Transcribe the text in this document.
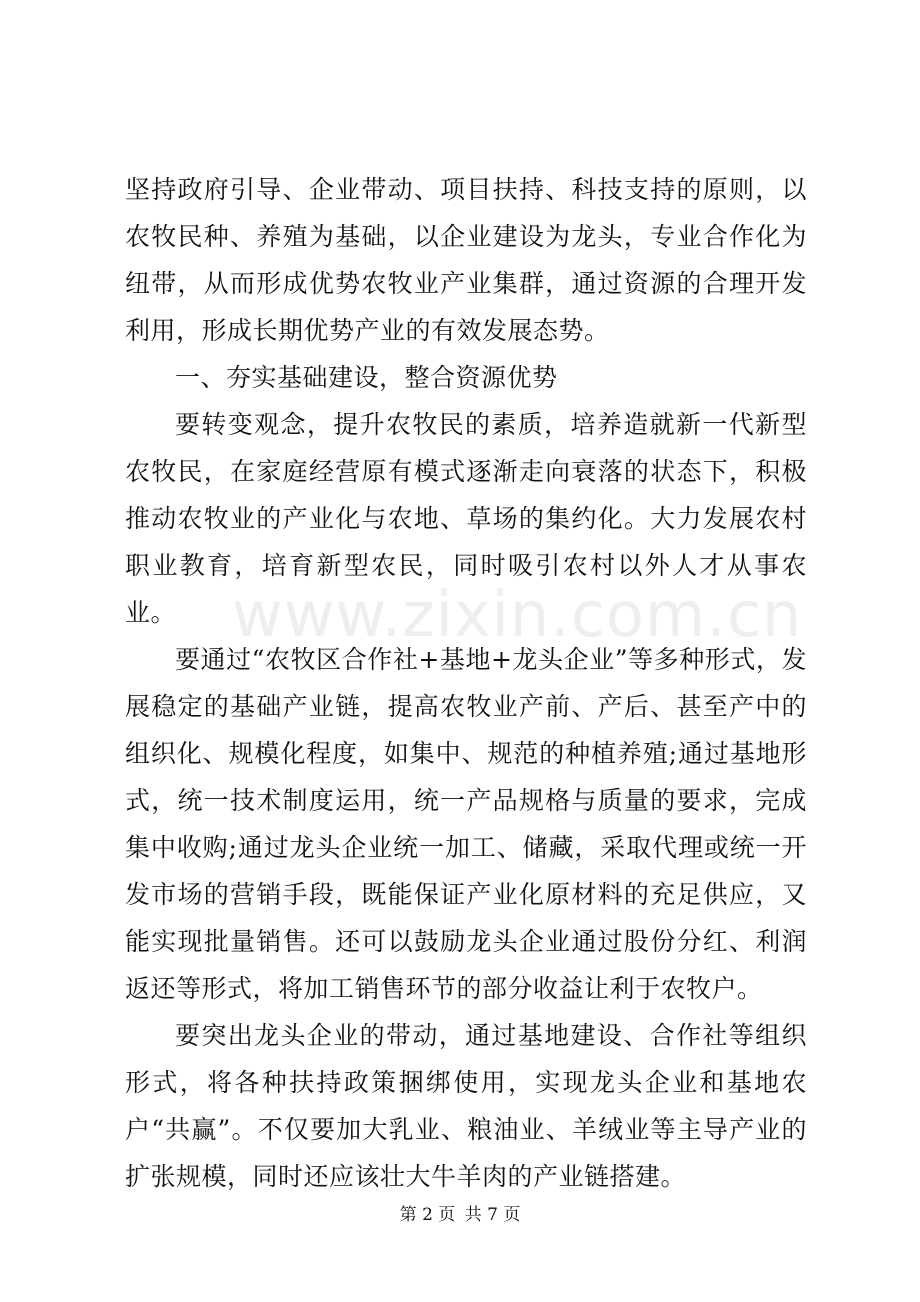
坚持政府引导、企业带动、项目扶持、科技支持的原则，以农牧民种、养殖为基础，以企业建设为龙头，专业合作化为纽带，从而形成优势农牧业产业集群，通过资源的合理开发利用，形成长期优势产业的有效发展态势。

一、夯实基础建设，整合资源优势

要转变观念，提升农牧民的素质，培养造就新一代新型农牧民，在家庭经营原有模式逐渐走向衰落的状态下，积极推动农牧业的产业化与农地、草场的集约化。大力发展农村职业教育，培育新型农民，同时吸引农村以外人才从事农业。

要通过“农牧区合作社+基地+龙头企业”等多种形式，发展稳定的基础产业链，提高农牧业产前、产后、甚至产中的组织化、规模化程度，如集中、规范的种植养殖;通过基地形式，统一技术制度运用，统一产品规格与质量的要求，完成集中收购;通过龙头企业统一加工、储藏，采取代理或统一开发市场的营销手段，既能保证产业化原材料的充足供应，又能实现批量销售。还可以鼓励龙头企业通过股份分红、利润返还等形式，将加工销售环节的部分收益让利于农牧户。

要突出龙头企业的带动，通过基地建设、合作社等组织形式，将各种扶持政策捆绑使用，实现龙头企业和基地农户“共赢”。不仅要加大乳业、粮油业、羊绒业等主导产业的扩张规模，同时还应该壮大牛羊肉的产业链搭建。

www.zixin.com.cn
第 2 页 共 7 页
